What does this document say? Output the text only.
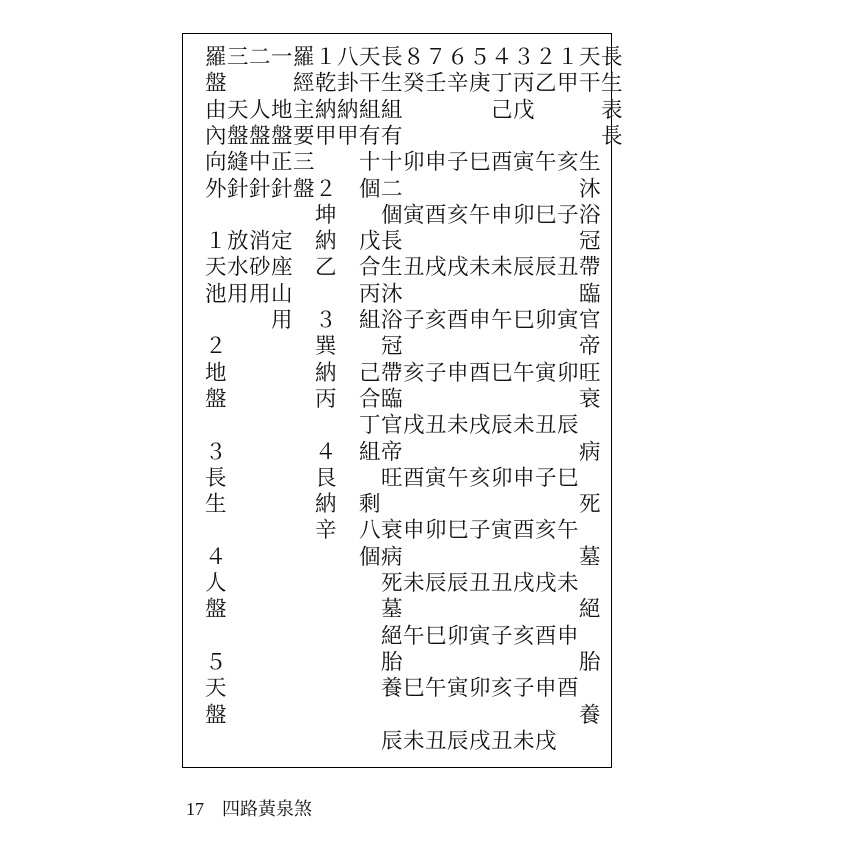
羅三二一羅１八天長８７６５４３２１天長
盤　　　經乾卦干生癸壬辛庚丁丙乙甲干生
由天人地主納納組組　　　　己戊　　　表
內盤盤盤要甲甲有有　　　　　　　　　長
向縫中正三　　十十卯申子巳酉寅午亥生
外針針針盤２　個二　　　　　　　　沐
　　　　　坤　　個寅酉亥午申卯巳子浴
１放消定　納　戊長　　　　　　　　冠
天水砂座　乙　合生丑戌戌未未辰辰丑帶
池用用山　　　丙沐　　　　　　　　臨
　　　用　３　組浴子亥酉申午巳卯寅官
２　　　　巽　　冠　　　　　　　　帝
地　　　　納　己帶亥子申酉巳午寅卯旺
盤　　　　丙　合臨　　　　　　　　衰
　　　　　　　丁官戌丑未戌辰未丑辰
３　　　　４　組帝　　　　　　　　病
長　　　　艮　　旺酉寅午亥卯申子巳
生　　　　納　剩　　　　　　　　　死
　　　　　辛　八衰申卯巳子寅酉亥午
４　　　　　　個病　　　　　　　　墓
人　　　　　　　死未辰辰丑丑戌戌未
盤　　　　　　　墓　　　　　　　　絕
　　　　　　　　絕午巳卯寅子亥酉申
５　　　　　　　胎　　　　　　　　胎
天　　　　　　　養巳午寅卯亥子申酉
盤　　　　　　　　　　　　　　　　養
　　　　　　　　辰未丑辰戌丑未戌
17　四路黃泉煞
